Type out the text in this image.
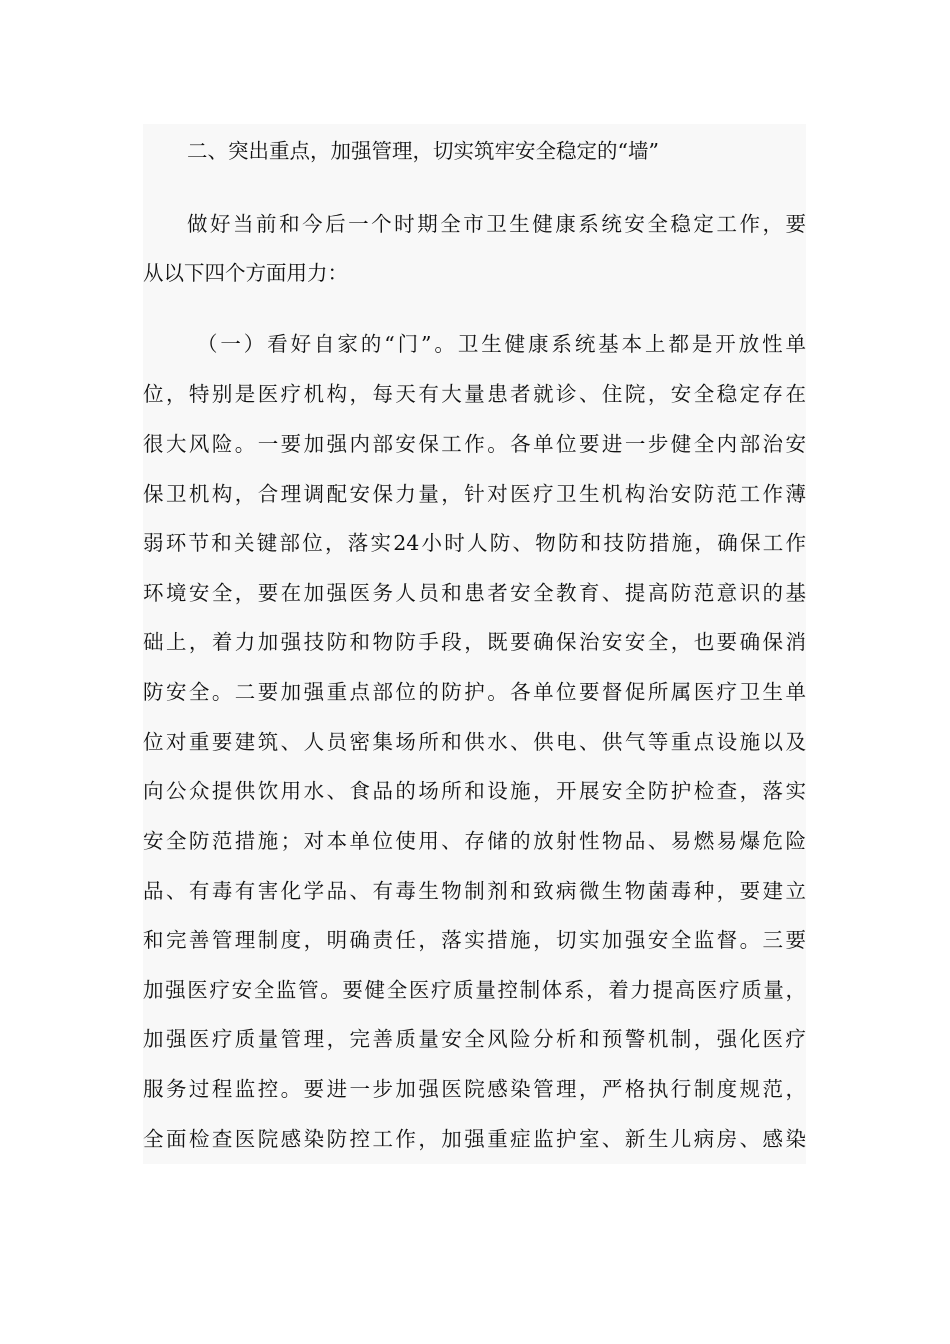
二、突出重点，加强管理，切实筑牢安全稳定的“墙”
做好当前和今后一个时期全市卫生健康系统安全稳定工作，要
从以下四个方面用力：
（一）看好自家的“门”。卫生健康系统基本上都是开放性单
位，特别是医疗机构，每天有大量患者就诊、住院，安全稳定存在
很大风险。一要加强内部安保工作。各单位要进一步健全内部治安
保卫机构，合理调配安保力量，针对医疗卫生机构治安防范工作薄
弱环节和关键部位，落实24小时人防、物防和技防措施，确保工作
环境安全，要在加强医务人员和患者安全教育、提高防范意识的基
础上，着力加强技防和物防手段，既要确保治安安全，也要确保消
防安全。二要加强重点部位的防护。各单位要督促所属医疗卫生单
位对重要建筑、人员密集场所和供水、供电、供气等重点设施以及
向公众提供饮用水、食品的场所和设施，开展安全防护检查，落实
安全防范措施；对本单位使用、存储的放射性物品、易燃易爆危险
品、有毒有害化学品、有毒生物制剂和致病微生物菌毒种，要建立
和完善管理制度，明确责任，落实措施，切实加强安全监督。三要
加强医疗安全监管。要健全医疗质量控制体系，着力提高医疗质量，
加强医疗质量管理，完善质量安全风险分析和预警机制，强化医疗
服务过程监控。要进一步加强医院感染管理，严格执行制度规范，
全面检查医院感染防控工作，加强重症监护室、新生儿病房、感染
